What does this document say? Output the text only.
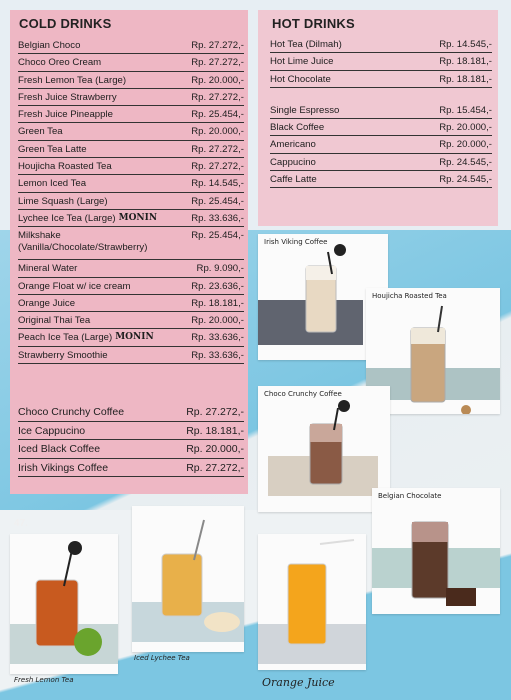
COLD DRINKS
Belgian Choco	Rp. 27.272,-
Choco Oreo Cream	Rp. 27.272,-
Fresh Lemon Tea (Large)	Rp. 20.000,-
Fresh Juice Strawberry	Rp. 27.272,-
Fresh Juice Pineapple	Rp. 25.454,-
Green Tea	Rp. 20.000,-
Green Tea Latte	Rp. 27.272,-
Houjicha Roasted Tea	Rp. 27.272,-
Lemon Iced Tea	Rp. 14.545,-
Lime Squash (Large)	Rp. 25.454,-
Lychee Ice Tea (Large) MONIN	Rp. 33.636,-
Milkshake (Vanilla/Chocolate/Strawberry)
Rp. 25.454,-
Mineral Water	Rp. 9.090,-
Orange Float w/ ice cream	Rp. 23.636,-
Orange Juice	Rp. 18.181,-
Original Thai Tea	Rp. 20.000,-
Peach Ice Tea (Large) MONIN	Rp. 33.636,-
Strawberry Smoothie	Rp. 33.636,-
Choco Crunchy Coffee	Rp. 27.272,-
Ice Cappucino	Rp. 18.181,-
Iced Black Coffee	Rp. 20.000,-
Irish Vikings Coffee	Rp. 27.272,-
HOT DRINKS
Hot Tea (Dilmah)	Rp. 14.545,-
Hot Lime Juice	Rp. 18.181,-
Hot Chocolate	Rp. 18.181,-
Single Espresso	Rp. 15.454,-
Black Coffee	Rp. 20.000,-
Americano	Rp. 20.000,-
Cappucino	Rp. 24.545,-
Caffe Latte	Rp. 24.545,-
Irish Viking Coffee
Houjicha Roasted Tea
Choco Crunchy Coffee
Belgian Chocolate
Fresh Lemon Tea
Iced Lychee Tea
Orange Juice
47.
